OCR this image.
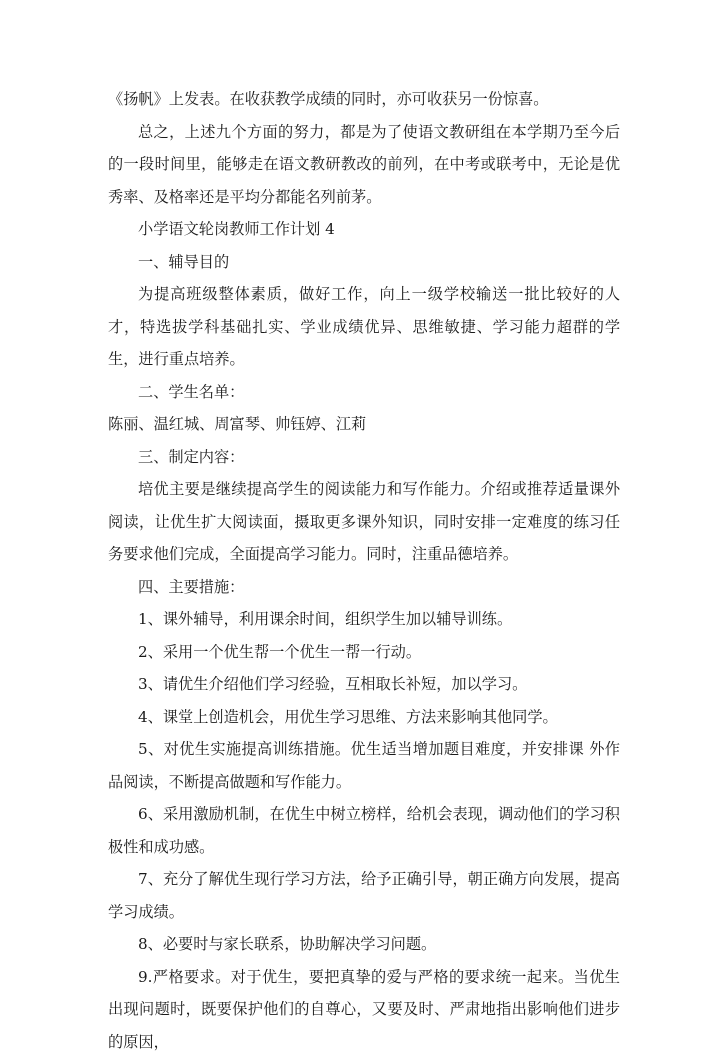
《扬帆》上发表。在收获教学成绩的同时，亦可收获另一份惊喜。

总之，上述九个方面的努力，都是为了使语文教研组在本学期乃至今后的一段时间里，能够走在语文教研教改的前列，在中考或联考中，无论是优秀率、及格率还是平均分都能名列前茅。

小学语文轮岗教师工作计划 4

一、辅导目的

为提高班级整体素质，做好工作，向上一级学校输送一批比较好的人才，特选拔学科基础扎实、学业成绩优异、思维敏捷、学习能力超群的学生，进行重点培养。

二、学生名单：

陈丽、温红城、周富琴、帅钰婷、江莉

三、制定内容：

培优主要是继续提高学生的阅读能力和写作能力。介绍或推荐适量课外阅读，让优生扩大阅读面，摄取更多课外知识，同时安排一定难度的练习任务要求他们完成，全面提高学习能力。同时，注重品德培养。

四、主要措施：

1、课外辅导，利用课余时间，组织学生加以辅导训练。

2、采用一个优生帮一个优生一帮一行动。

3、请优生介绍他们学习经验，互相取长补短，加以学习。

4、课堂上创造机会，用优生学习思维、方法来影响其他同学。

5、对优生实施提高训练措施。优生适当增加题目难度，并安排课 外作品阅读，不断提高做题和写作能力。

6、采用激励机制，在优生中树立榜样，给机会表现，调动他们的学习积极性和成功感。

7、充分了解优生现行学习方法，给予正确引导，朝正确方向发展，提高学习成绩。

8、必要时与家长联系，协助解决学习问题。

9.严格要求。对于优生，要把真挚的爱与严格的要求统一起来。当优生出现问题时，既要保护他们的自尊心，又要及时、严肃地指出影响他们进步的原因，
